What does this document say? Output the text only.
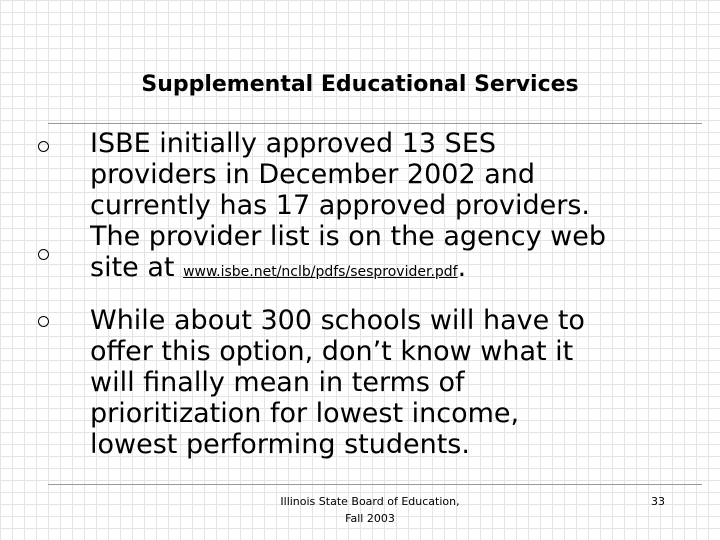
Supplemental Educational Services
ISBE initially approved 13 SES
providers in December 2002 and
currently has 17 approved providers.
The provider list is on the agency web
site at www.isbe.net/nclb/pdfs/sesprovider.pdf.
While about 300 schools will have to
offer this option, don’t know what it
will finally mean in terms of
prioritization for lowest income,
lowest performing students.
Illinois State Board of Education,
Fall 2003
33
